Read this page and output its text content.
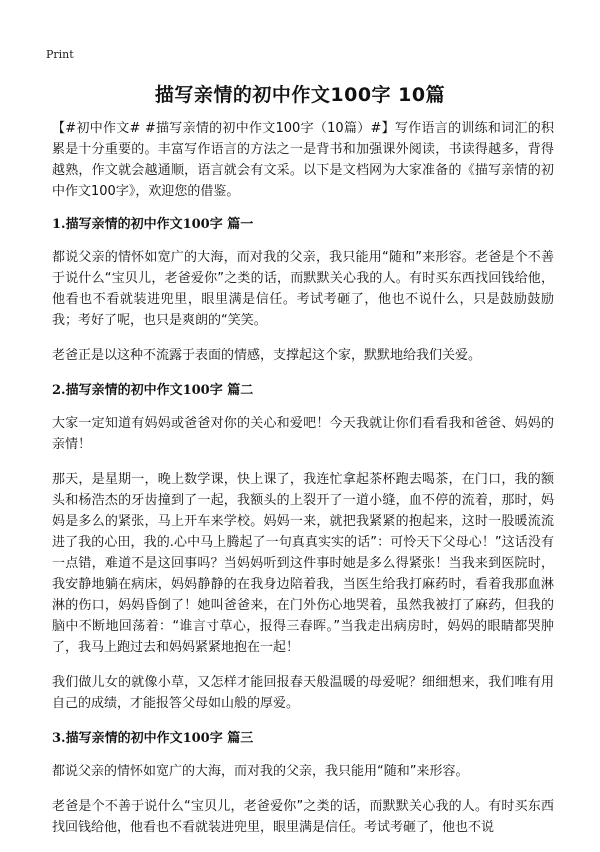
Print
描写亲情的初中作文100字 10篇

【#初中作文# #描写亲情的初中作文100字（10篇）#】写作语言的训练和词汇的积累是十分重要的。丰富写作语言的方法之一是背书和加强课外阅读，书读得越多，背得越熟，作文就会越通顺，语言就会有文采。以下是文档网为大家准备的《描写亲情的初中作文100字》，欢迎您的借鉴。

1.描写亲情的初中作文100字 篇一

都说父亲的情怀如宽广的大海，而对我的父亲，我只能用“随和”来形容。老爸是个不善于说什么“宝贝儿，老爸爱你”之类的话，而默默关心我的人。有时买东西找回钱给他，他看也不看就装进兜里，眼里满是信任。考试考砸了，他也不说什么，只是鼓励鼓励我；考好了呢，也只是爽朗的“笑笑。

老爸正是以这种不流露于表面的情感，支撑起这个家，默默地给我们关爱。

2.描写亲情的初中作文100字 篇二

大家一定知道有妈妈或爸爸对你的关心和爱吧！今天我就让你们看看我和爸爸、妈妈的亲情！

那天，是星期一，晚上数学课，快上课了，我连忙拿起茶杯跑去喝茶，在门口，我的额头和杨浩杰的牙齿撞到了一起，我额头的上裂开了一道小缝，血不停的流着，那时，妈妈是多么的紧张，马上开车来学校。妈妈一来，就把我紧紧的抱起来，这时一股暖流流进了我的心田，我的.心中马上腾起了一句真真实实的话”：可怜天下父母心！”这话没有一点错，难道不是这回事吗？当妈妈听到这件事时她是多么得紧张！当我来到医院时，我安静地躺在病床，妈妈静静的在我身边陪着我，当医生给我打麻药时，看着我那血淋淋的伤口，妈妈昏倒了！她叫爸爸来，在门外伤心地哭着，虽然我被打了麻药，但我的脑中不断地回荡着：“谁言寸草心，报得三春晖。”当我走出病房时，妈妈的眼睛都哭肿了，我马上跑过去和妈妈紧紧地抱在一起！

我们做儿女的就像小草，又怎样才能回报春天般温暖的母爱呢？细细想来，我们唯有用自己的成绩，才能报答父母如山般的厚爱。

3.描写亲情的初中作文100字 篇三

都说父亲的情怀如宽广的大海，而对我的父亲，我只能用“随和”来形容。

老爸是个不善于说什么“宝贝儿，老爸爱你”之类的话，而默默关心我的人。有时买东西找回钱给他，他看也不看就装进兜里，眼里满是信任。考试考砸了，他也不说
